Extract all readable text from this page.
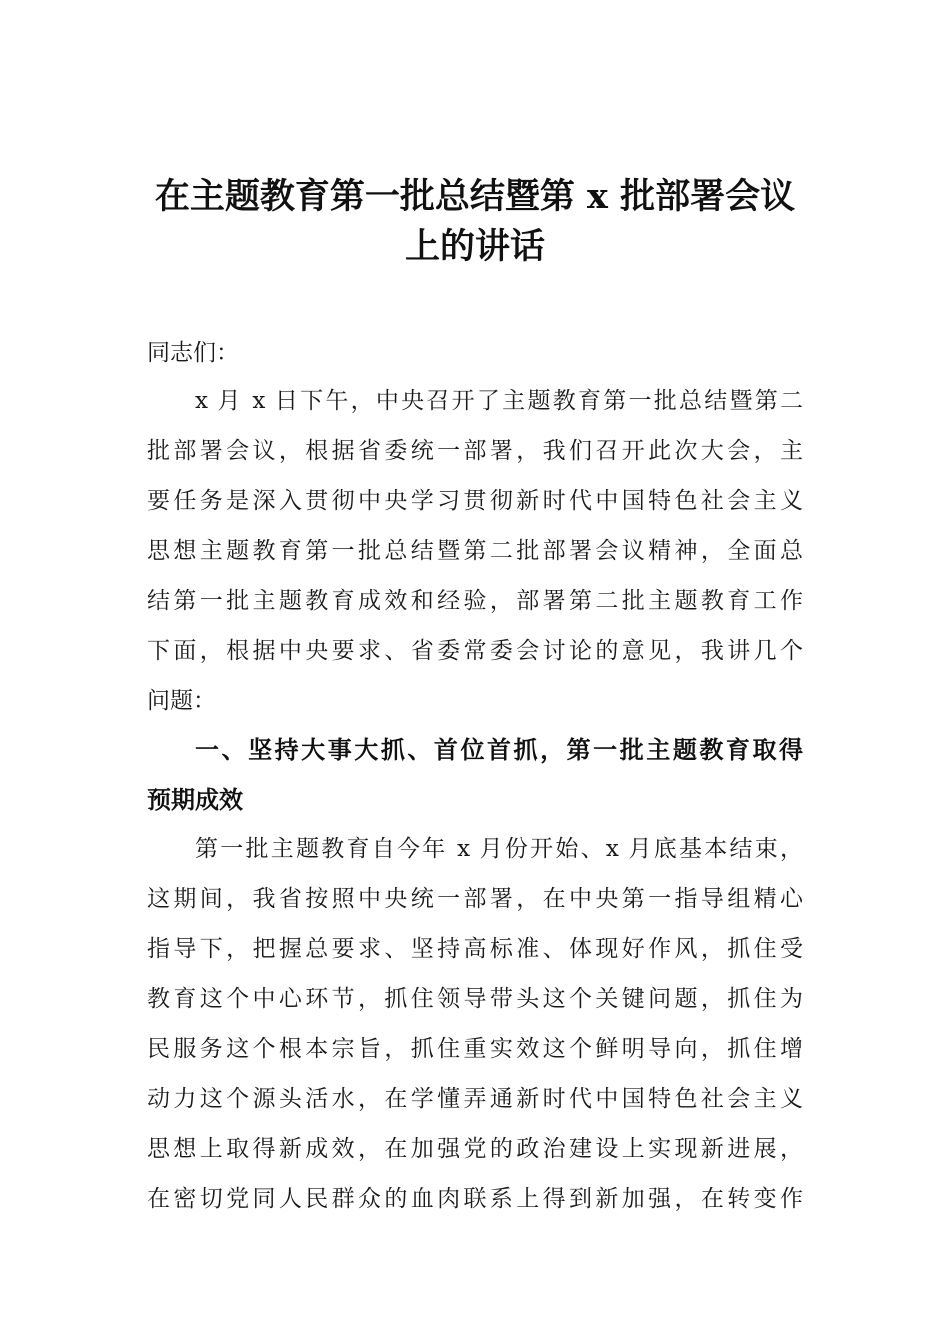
在主题教育第一批总结暨第 x 批部署会议
上的讲话
同志们：
x 月 x 日下午，中央召开了主题教育第一批总结暨第二
批部署会议，根据省委统一部署，我们召开此次大会，主
要任务是深入贯彻中央学习贯彻新时代中国特色社会主义
思想主题教育第一批总结暨第二批部署会议精神，全面总
结第一批主题教育成效和经验，部署第二批主题教育工作
下面，根据中央要求、省委常委会讨论的意见，我讲几个
问题：
一、坚持大事大抓、首位首抓，第一批主题教育取得
预期成效
第一批主题教育自今年 x 月份开始、x 月底基本结束，
这期间，我省按照中央统一部署，在中央第一指导组精心
指导下，把握总要求、坚持高标准、体现好作风，抓住受
教育这个中心环节，抓住领导带头这个关键问题，抓住为
民服务这个根本宗旨，抓住重实效这个鲜明导向，抓住增
动力这个源头活水，在学懂弄通新时代中国特色社会主义
思想上取得新成效，在加强党的政治建设上实现新进展，
在密切党同人民群众的血肉联系上得到新加强，在转变作
